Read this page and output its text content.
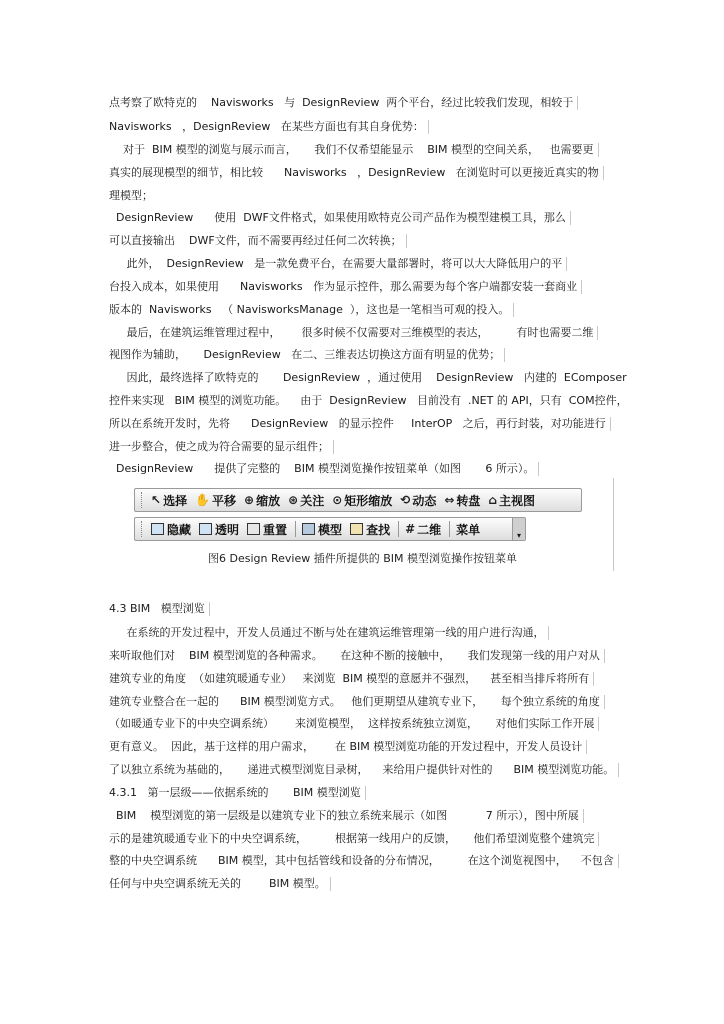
点考察了欧特克的    Navisworks   与  DesignReview  两个平台，经过比较我们发现，相较于
Navisworks   ，DesignReview   在某些方面也有其自身优势：
对于  BIM 模型的浏览与展示而言，     我们不仅希望能显示    BIM 模型的空间关系，   也需要更
真实的展现模型的细节，相比较      Navisworks   ，DesignReview   在浏览时可以更接近真实的物
理模型；
DesignReview      使用  DWF文件格式，如果使用欧特克公司产品作为模型建模工具，那么
可以直接输出    DWF文件，而不需要再经过任何二次转换；
此外，  DesignReview   是一款免费平台，在需要大量部署时，将可以大大降低用户的平
台投入成本，如果使用      Navisworks   作为显示控件，那么需要为每个客户端都安装一套商业
版本的  Navisworks   （ NavisworksManage  ），这也是一笔相当可观的投入。
最后，在建筑运维管理过程中，      很多时候不仅需要对三维模型的表达，        有时也需要二维
视图作为辅助，     DesignReview   在二、三维表达切换这方面有明显的优势；
因此，最终选择了欧特克的       DesignReview  ，通过使用    DesignReview   内建的  EComposer
控件来实现   BIM 模型的浏览功能。    由于  DesignReview   目前没有  .NET 的 API，只有  COM控件，
所以在系统开发时，先将      DesignReview   的显示控件     InterOP   之后，再行封装，对功能进行
进一步整合，使之成为符合需要的显示组件；
DesignReview      提供了完整的    BIM 模型浏览操作按钮菜单（如图       6 所示）。
↖ 选择 ✋ 平移 ⊕ 缩放 ⊛ 关注 ⊙ 矩形缩放 ⟲ 动态 ⇔ 转盘 ⌂ 主视图
隐藏 透明 重置	模型 查找 # 二维 菜单	▾
图6 Design Review 插件所提供的 BIM 模型浏览操作按钮菜单
4.3 BIM   模型浏览
在系统的开发过程中，开发人员通过不断与处在建筑运维管理第一线的用户进行沟通，
来听取他们对    BIM 模型浏览的各种需求。     在这种不断的接触中，     我们发现第一线的用户对从
建筑专业的角度  （如建筑暖通专业）   来浏览  BIM 模型的意愿并不强烈，    甚至相当排斥将所有
建筑专业整合在一起的      BIM 模型浏览方式。   他们更期望从建筑专业下，     每个独立系统的角度
（如暖通专业下的中央空调系统）      来浏览模型，  这样按系统独立浏览，     对他们实际工作开展
更有意义。  因此，基于这样的用户需求，      在 BIM 模型浏览功能的开发过程中，开发人员设计
了以独立系统为基础的，     递进式模型浏览目录树，    来给用户提供针对性的      BIM 模型浏览功能。
4.3.1   第一层级——依据系统的       BIM 模型浏览
BIM    模型浏览的第一层级是以建筑专业下的独立系统来展示（如图           7 所示），图中所展
示的是建筑暖通专业下的中央空调系统，        根据第一线用户的反馈，     他们希望浏览整个建筑完
整的中央空调系统      BIM 模型，其中包括管线和设备的分布情况，        在这个浏览视图中，    不包含
任何与中央空调系统无关的        BIM 模型。
